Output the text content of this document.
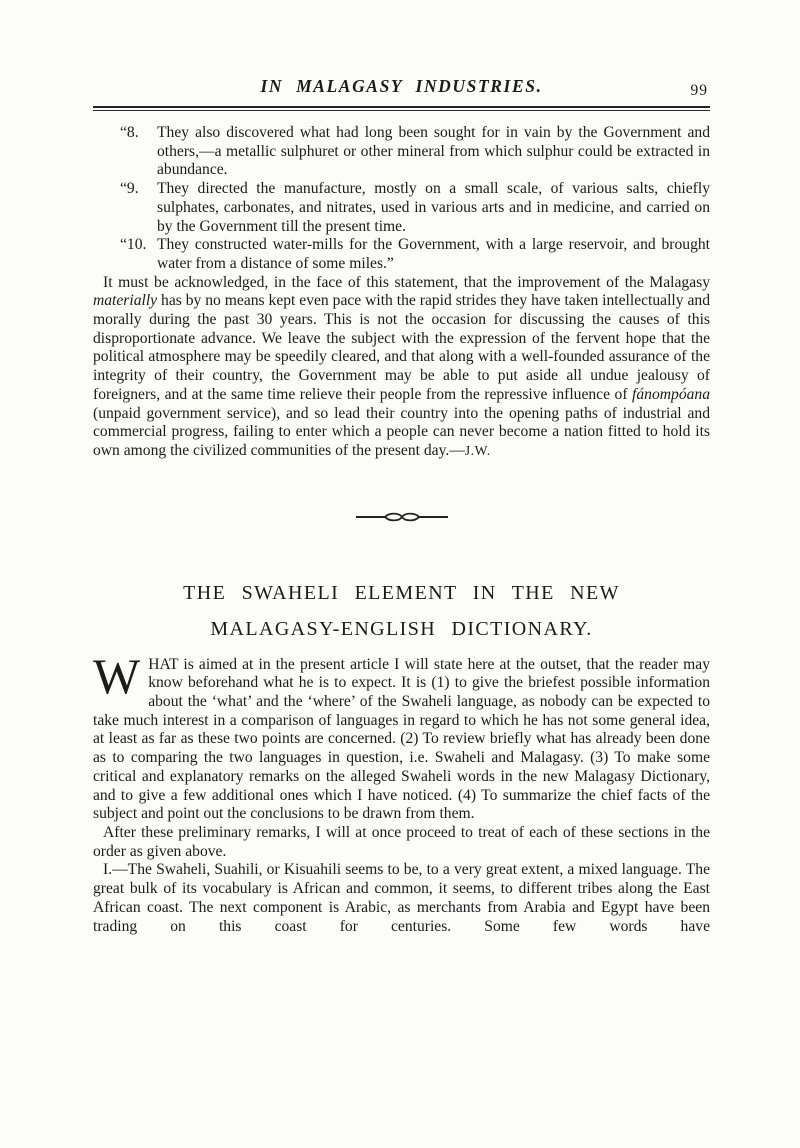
IN MALAGASY INDUSTRIES.	99
“8. They also discovered what had long been sought for in vain by the Government and others,—a metallic sulphuret or other mineral from which sulphur could be extracted in abundance.
“9. They directed the manufacture, mostly on a small scale, of various salts, chiefly sulphates, carbonates, and nitrates, used in various arts and in medicine, and carried on by the Government till the present time.
“10. They constructed water-mills for the Government, with a large reservoir, and brought water from a distance of some miles.”
It must be acknowledged, in the face of this statement, that the improvement of the Malagasy materially has by no means kept even pace with the rapid strides they have taken intellectually and morally during the past 30 years. This is not the occasion for discussing the causes of this disproportionate advance. We leave the subject with the expression of the fervent hope that the political atmosphere may be speedily cleared, and that along with a well-founded assurance of the integrity of their country, the Government may be able to put aside all undue jealousy of foreigners, and at the same time relieve their people from the repressive influence of fánompóana (unpaid government service), and so lead their country into the opening paths of industrial and commercial progress, failing to enter which a people can never become a nation fitted to hold its own among the civilized communities of the present day.—J.W.
THE SWAHELI ELEMENT IN THE NEW
MALAGASY-ENGLISH DICTIONARY.
WHAT is aimed at in the present article I will state here at the outset, that the reader may know beforehand what he is to expect. It is (1) to give the briefest possible information about the ‘what’ and the ‘where’ of the Swaheli language, as nobody can be expected to take much interest in a comparison of languages in regard to which he has not some general idea, at least as far as these two points are concerned. (2) To review briefly what has already been done as to comparing the two languages in question, i.e. Swaheli and Malagasy. (3) To make some critical and explanatory remarks on the alleged Swaheli words in the new Malagasy Dictionary, and to give a few additional ones which I have noticed. (4) To summarize the chief facts of the subject and point out the conclusions to be drawn from them.
After these preliminary remarks, I will at once proceed to treat of each of these sections in the order as given above.
I.—The Swaheli, Suahili, or Kisuahili seems to be, to a very great extent, a mixed language. The great bulk of its vocabulary is African and common, it seems, to different tribes along the East African coast. The next component is Arabic, as merchants from Arabia and Egypt have been trading on this coast for centuries. Some few words have
